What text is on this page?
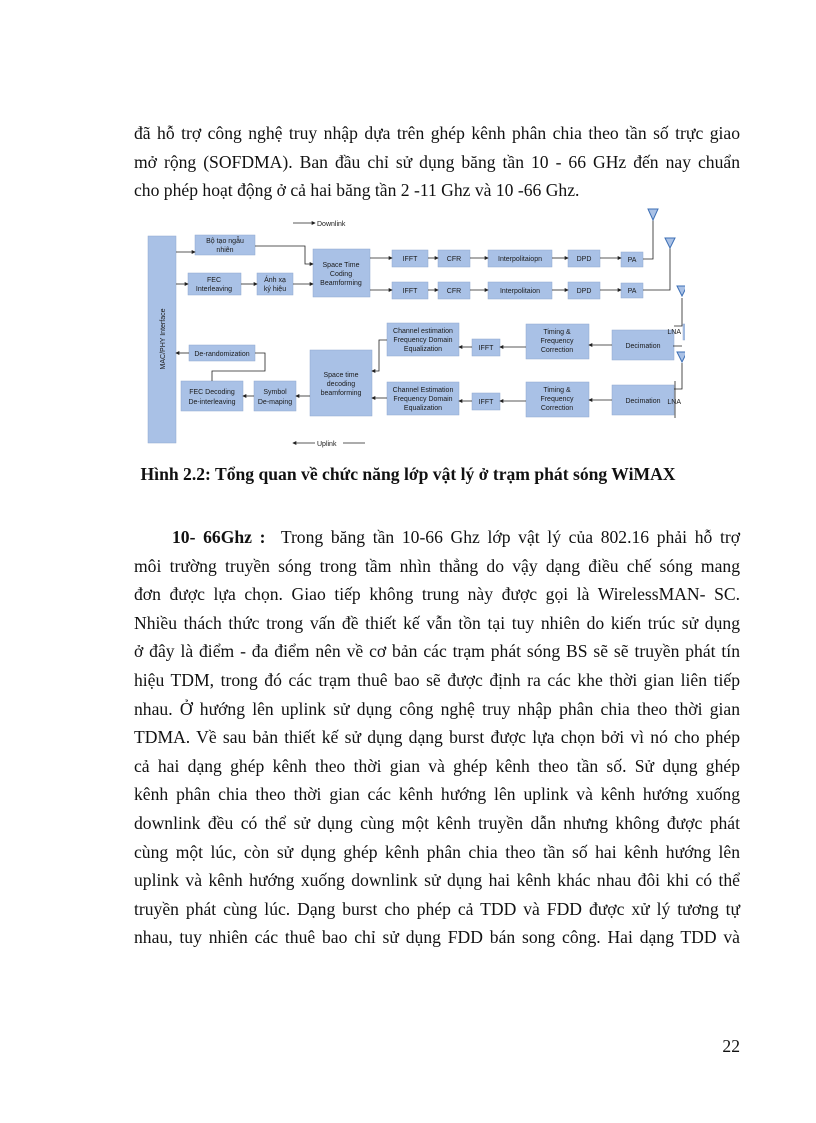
đã hỗ trợ công nghệ truy nhập dựa trên ghép kênh phân chia theo tần số trực giao
mở rộng (SOFDMA). Ban đầu chỉ sử dụng băng tần 10 - 66 GHz đến nay chuẩn
cho phép hoạt động ở cả hai băng tần 2 -11 Ghz và 10 -66 Ghz.
MAC/PHY Interface
Downlink
Uplink
Bộ tạo ngẫu
nhiên
FEC
Interleaving
Ánh xạ
ký hiệu
Space Time
Coding
Beamforming
IFFT	CFR	Interpolitaiopn	DPD	PA
IFFT	CFR	Interpolitaion	DPD	PA
Channel estimation
Frequency Domain
Equalization	IFFT
Timing &
Frequency
Correction
Decimation
LNA
Channel Estimation
Frequency Domain
Equalization
IFFT
Timing &
Frequency
Correction
Decimation LNA
De-randomization
Space time
decoding
beamforming
FEC Decoding
De-interleaving
Symbol
De-maping

Hình 2.2: Tổng quan về chức năng lớp vật lý ở trạm phát sóng WiMAX

10- 66Ghz : Trong băng tần 10-66 Ghz lớp vật lý của 802.16 phải hỗ trợ
môi trường truyền sóng trong tầm nhìn thẳng do vậy dạng điều chế sóng mang
đơn được lựa chọn. Giao tiếp không trung này được gọi là WirelessMAN- SC.
Nhiều thách thức trong vấn đề thiết kế vẫn tồn tại tuy nhiên do kiến trúc sử dụng
ở đây là điểm - đa điểm nên về cơ bản các trạm phát sóng BS sẽ sẽ truyền phát tín
hiệu TDM, trong đó các trạm thuê bao sẽ được định ra các khe thời gian liên tiếp
nhau. Ở hướng lên uplink sử dụng công nghệ truy nhập phân chia theo thời gian
TDMA. Về sau bản thiết kế sử dụng dạng burst được lựa chọn bởi vì nó cho phép
cả hai dạng ghép kênh theo thời gian và ghép kênh theo tần số. Sử dụng ghép
kênh phân chia theo thời gian các kênh hướng lên uplink và kênh hướng xuống
downlink đều có thể sử dụng cùng một kênh truyền dẫn nhưng không được phát
cùng một lúc, còn sử dụng ghép kênh phân chia theo tần số hai kênh hướng lên
uplink và kênh hướng xuống downlink sử dụng hai kênh khác nhau đôi khi có thể
truyền phát cùng lúc. Dạng burst cho phép cả TDD và FDD được xử lý tương tự
nhau, tuy nhiên các thuê bao chỉ sử dụng FDD bán song công. Hai dạng TDD và
22
